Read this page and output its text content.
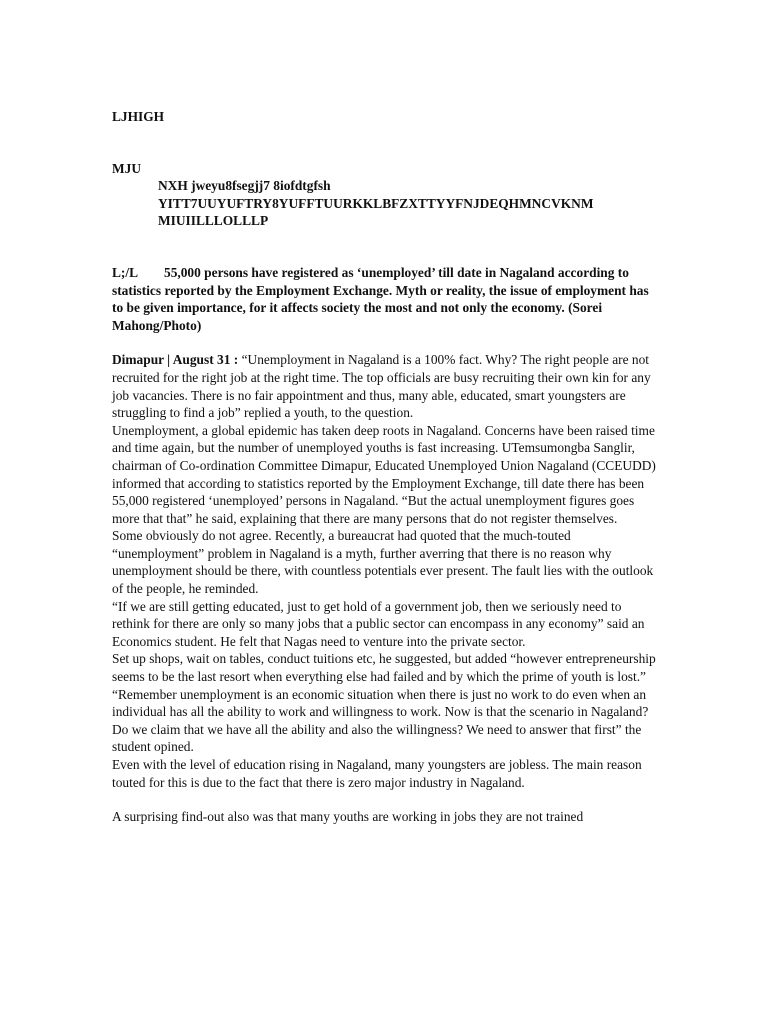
LJHIGH

MJU

NXH jweyu8fsegjj7 8iofdtgfsh
YITT7UUYUFTRY8YUFFTUURKKLBFZXTTYYFNJDEQHMNCVKNM
MIUIILLLOLLLP

L;/L 55,000 persons have registered as ‘unemployed’ till date in Nagaland according to statistics reported by the Employment Exchange. Myth or reality, the issue of employment has to be given importance, for it affects society the most and not only the economy. (Sorei Mahong/Photo)

Dimapur | August 31 : “Unemployment in Nagaland is a 100% fact. Why? The right people are not recruited for the right job at the right time. The top officials are busy recruiting their own kin for any job vacancies. There is no fair appointment and thus, many able, educated, smart youngsters are struggling to find a job” replied a youth, to the question.

Unemployment, a global epidemic has taken deep roots in Nagaland. Concerns have been raised time and time again, but the number of unemployed youths is fast increasing. UTemsumongba Sanglir, chairman of Co-ordination Committee Dimapur, Educated Unemployed Union Nagaland (CCEUDD) informed that according to statistics reported by the Employment Exchange, till date there has been 55,000 registered ‘unemployed’ persons in Nagaland. “But the actual unemployment figures goes more that that” he said, explaining that there are many persons that do not register themselves.

Some obviously do not agree. Recently, a bureaucrat had quoted that the much-touted “unemployment” problem in Nagaland is a myth, further averring that there is no reason why unemployment should be there, with countless potentials ever present. The fault lies with the outlook of the people, he reminded.

“If we are still getting educated, just to get hold of a government job, then we seriously need to rethink for there are only so many jobs that a public sector can encompass in any economy” said an Economics student. He felt that Nagas need to venture into the private sector.

Set up shops, wait on tables, conduct tuitions etc, he suggested, but added “however entrepreneurship seems to be the last resort when everything else had failed and by which the prime of youth is lost.”

“Remember unemployment is an economic situation when there is just no work to do even when an individual has all the ability to work and willingness to work. Now is that the scenario in Nagaland? Do we claim that we have all the ability and also the willingness? We need to answer that first” the student opined.

Even with the level of education rising in Nagaland, many youngsters are jobless. The main reason touted for this is due to the fact that there is zero major industry in Nagaland.

A surprising find-out also was that many youths are working in jobs they are not trained
